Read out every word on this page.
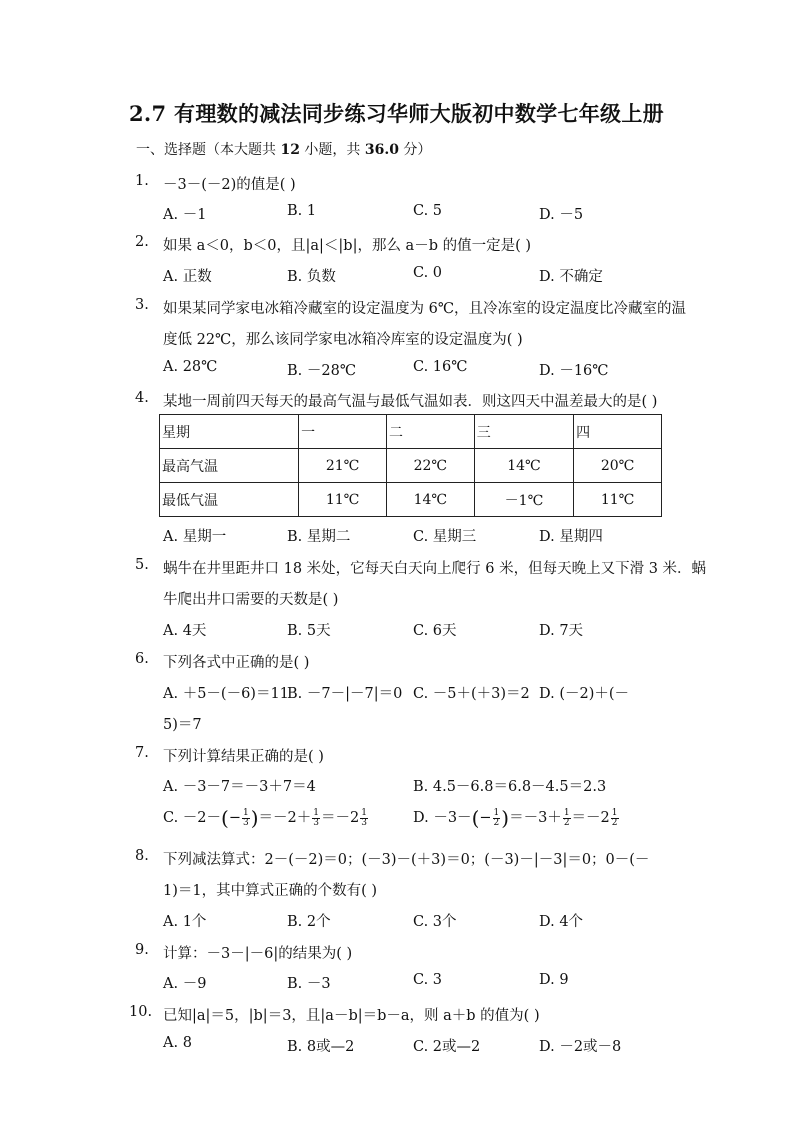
2.7 有理数的减法同步练习华师大版初中数学七年级上册
一、选择题（本大题共 12 小题，共 36.0 分）
1. －3－(－2)的值是( )
A. －1	B. 1	C. 5	D. －5
2. 如果 a＜0，b＜0，且|a|＜|b|，那么 a－b 的值一定是( )
A. 正数	B. 负数	C. 0	D. 不确定
3. 如果某同学家电冰箱冷藏室的设定温度为 6℃，且冷冻室的设定温度比冷藏室的温
度低 22℃，那么该同学家电冰箱冷库室的设定温度为( )
A. 28℃	B. －28℃	C. 16℃	D. －16℃
4. 某地一周前四天每天的最高气温与最低气温如表．则这四天中温差最大的是( )
星期	一	二	三	四
最高气温	21℃	22℃	14℃	20℃
最低气温	11℃	14℃	－1℃	11℃
A. 星期一	B. 星期二	C. 星期三	D. 星期四
5. 蜗牛在井里距井口 18 米处，它每天白天向上爬行 6 米，但每天晚上又下滑 3 米．蜗
牛爬出井口需要的天数是( )
A. 4天	B. 5天	C. 6天	D. 7天
6. 下列各式中正确的是( )
A. ＋5－(－6)＝11
B. －7－|－7|＝0 C. －5＋(＋3)＝2 D. (－2)＋(－
5)＝7
7. 下列计算结果正确的是( )
A. －3－7＝－3＋7＝4	B. 4.5－6.8＝6.8－4.5＝2.3
C. $-2-(- \frac{1}{3} )=-2+ \frac{1}{3} =-2 \frac{1}{3}$	D. $-3-(- \frac{1}{2} )=-3+ \frac{1}{2} =-2 \frac{1}{2}$
8. 下列减法算式：2－(－2)＝0；(－3)－(＋3)＝0；(－3)－|－3|＝0；0－(－
1)＝1，其中算式正确的个数有( )
A. 1个	B. 2个	C. 3个	D. 4个
9. 计算：－3－|－6|的结果为( )
A. －9	B. －3	C. 3	D. 9
10. 已知|a|＝5，|b|＝3，且|a－b|＝b－a，则 a＋b 的值为( )
A. 8	B. 8或—2	C. 2或—2	D. －2或－8
